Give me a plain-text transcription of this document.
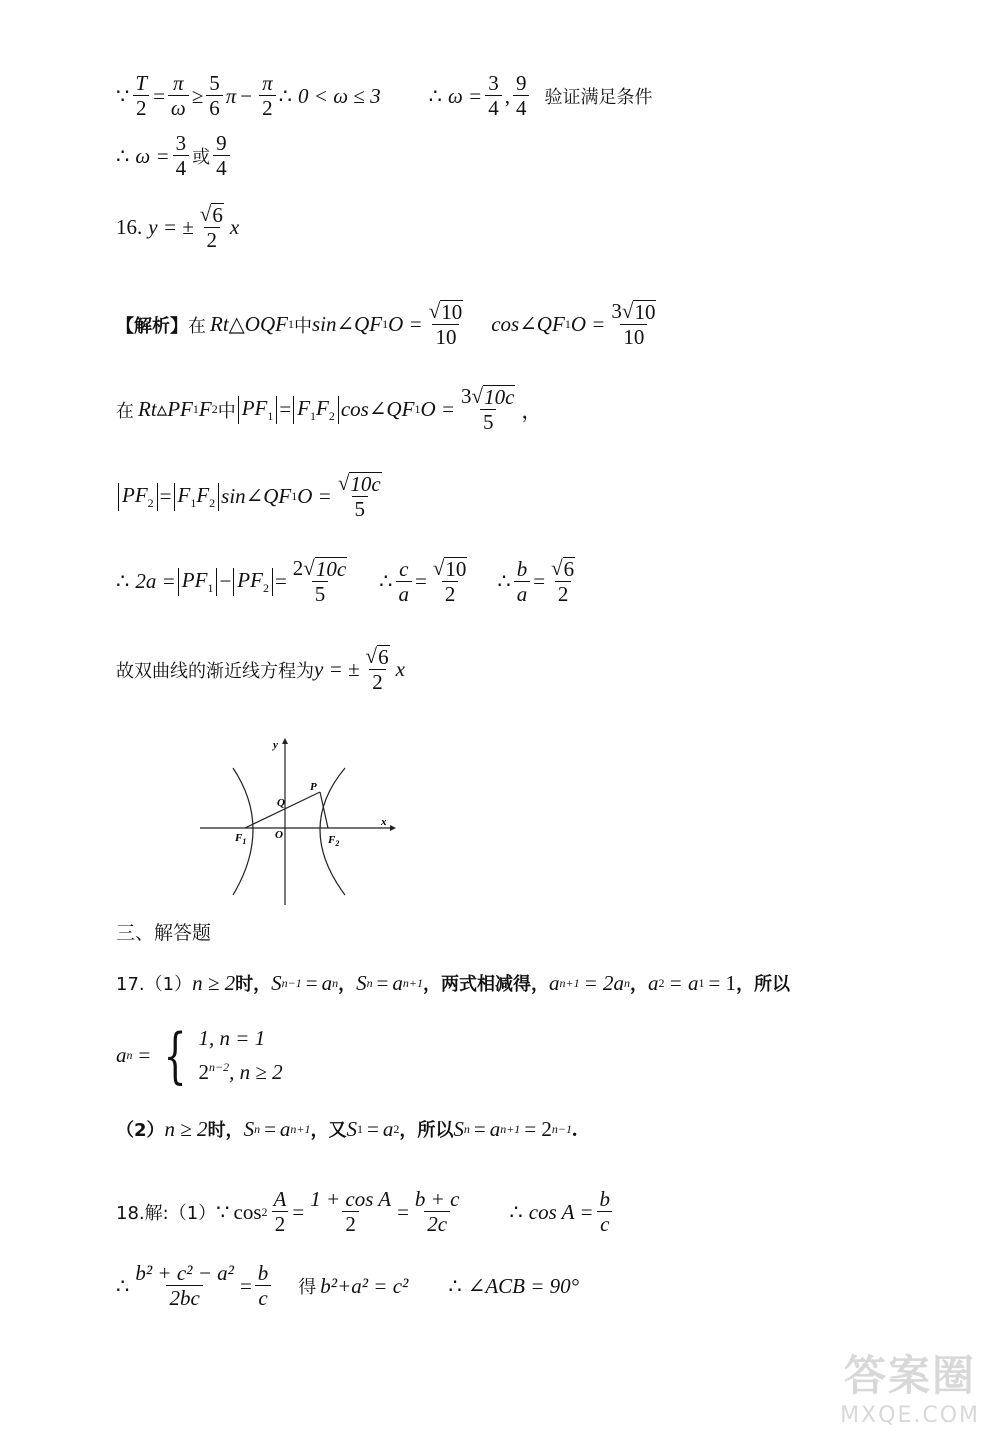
∵ $\frac{T}{2} = \frac{\pi}{\omega} \ge \frac{5}{6}$ $\pi - \frac{\pi}{2}$ ∴ 0 < ω ≤ 3 ∴ $\omega = \frac{3}{4}$ , $\frac{9}{4}$ 验证满足条件
∴ $\omega = \frac{3}{4}$ 或 $\frac{9}{4}$
16. y = ± $\frac{√ 6}{2}$ x
【解析】 在 Rt△OQF 1 中 sin∠QF 1 $O = \frac{√ 10}{10}$ cos∠QF 1 $O = \frac{3 √ 10}{10}$
在 Rt▵PF 1 F 2 中 $PF_1 = F_1F_2$ cos∠QF 1 $O = \frac{3 √ 10c}{5}$ ，
$PF_2 = F_1F_2$ sin∠QF 1 $O = \frac{√ 10c}{5}$
∴ $2a = PF_1 - PF_2 = \frac{2 √ 10c}{5}$ ∴ $\frac{c}{a} = \frac{√ 10}{2}$ ∴ $\frac{b}{a} = \frac{√ 6}{2}$
故双曲线的渐近线方程为 y = ± $\frac{√ 6}{2}$ x
y
x
P
Q
O
$F_1$	$F_2$
三、解答题
17.（1） n ≥ 2 时， S n−1 = a n ， S n = a n+1 ， 两式相减得， a n+1 = 2a n ， a 2 = a 1 = 1 ，所以
a n = { 1, n = 1
$2^{n-2}$, n ≥ 2
（2） n ≥ 2 时， S n = a n+1 ，又 S 1 = a 2 ，所以 S n = a n+1 = 2 n−1 .
18.解:（1） ∵ $\cos 2 \frac{A}{2} = \frac{\text{1 + cos A}}{2} = \frac{b + c}{2c}$ ∴ $\cos A = \frac{b}{c}$
∴ $\frac{\text{b² + c² − a²}}{2bc} = \frac{b}{c}$ 得 b²+a² = c² ∴ ∠ACB = 90°
答案圈
MXQE.COM
